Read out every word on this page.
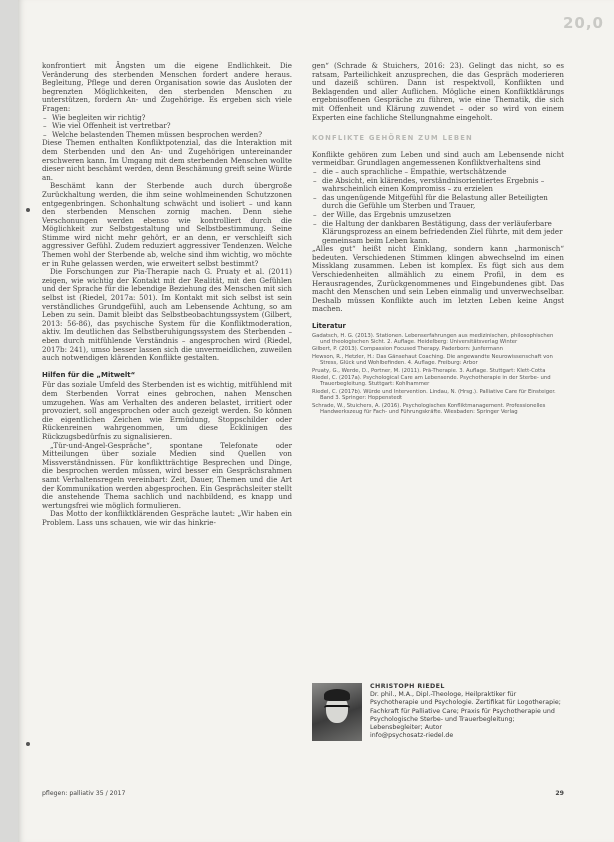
20,0

konfrontiert mit Ängsten um die eigene Endlichkeit. Die Veränderung des sterbenden Menschen fordert andere heraus. Begleitung, Pflege und deren Organisation sowie das Ausloten der begrenzten Möglichkeiten, den sterbenden Menschen zu unterstützen, fordern An- und Zugehörige. Es ergeben sich viele Fragen:

– Wie begleiten wir richtig?
– Wie viel Offenheit ist vertretbar?
– Welche belastenden Themen müssen besprochen werden?

Diese Themen enthalten Konfliktpotenzial, das die Interaktion mit dem Sterbenden und den An- und Zugehörigen untereinander erschweren kann. Im Umgang mit dem sterbenden Menschen wollte dieser nicht beschämt werden, denn Beschämung greift seine Würde an.

Beschämt kann der Sterbende auch durch übergroße Zurückhaltung werden, die ihm seine wohlmeinenden Schutzzonen entgegenbringen. Schonhaltung schwächt und isoliert – und kann den sterbenden Menschen zornig machen. Denn siehe Verschonungen werden ebenso wie kontrolliert durch die Möglichkeit zur Selbstgestaltung und Selbstbestimmung. Seine Stimme wird nicht mehr gehört, er an denn, er verschleift sich aggressiver Gefühl. Zudem reduziert aggressiver Tendenzen. Welche Themen wohl der Sterbende ab, welche sind ihm wichtig, wo möchte er in Ruhe gelassen werden, wie erweitert selbst bestimmt?

Die Forschungen zur Pia-Therapie nach G. Pruaty et al. (2011) zeigen, wie wichtig der Kontakt mit der Realität, mit den Gefühlen und der Sprache für die lebendige Beziehung des Menschen mit sich selbst ist (Riedel, 2017a: 501). Im Kontakt mit sich selbst ist sein verständliches Grundgefühl, auch am Lebensende Achtung, so am Leben zu sein. Damit bleibt das Selbstbeobachtungssystem (Gilbert, 2013: 56-86), das psychische System für die Konfliktmoderation, aktiv. Im deutlichen das Selbstberuhigungssystem des Sterbenden – eben durch mitfühlende Verständnis – angesprochen wird (Riedel, 2017b: 241), umso besser lassen sich die unvermeidlichen, zuweilen auch notwendigen klärenden Konflikte gestalten.

Hilfen für die „Mitwelt“

Für das soziale Umfeld des Sterbenden ist es wichtig, mitfühlend mit dem Sterbenden Vorrat eines gebrochen, nahen Menschen umzugehen. Was am Verhalten des anderen belastet, irritiert oder provoziert, soll angesprochen oder auch gezeigt werden. So können die eigentlichen Zeichen wie Ermüdung, Stoppschilder oder Rückenreinen wahrgenommen, um diese Ecklinigen des Rückzugsbedürfnis zu signalisieren.

„Tür-und-Angel-Gespräche“, spontane Telefonate oder Mitteilungen über soziale Medien sind Quellen von Missverständnissen. Für konfliktträchtige Besprechen und Dinge, die besprochen werden müssen, wird besser ein Gesprächsrahmen samt Verhaltensregeln vereinbart: Zeit, Dauer, Themen und die Art der Kommunikation werden abgesprochen. Ein Gesprächsleiter stellt die anstehende Thema sachlich und nachbildend, es knapp und wertungsfrei wie möglich formulieren.

Das Motto der konfliktklärenden Gespräche lautet: „Wir haben ein Problem. Lass uns schauen, wie wir das hinkrie-

gen“ (Schrade & Stuichers, 2016: 23). Gelingt das nicht, so es ratsam, Parteilichkeit anzusprechen, die das Gespräch moderieren und dazeiß schüren. Dann ist respektvoll, Konflikten und Beklagenden und aller Auflichen. Mögliche einen Konfliktklärungs ergebnisoffenen Gespräche zu führen, wie eine Thematik, die sich mit Offenheit und Klärung zuwendet – oder so wird von einem Experten eine fachliche Stellungnahme eingeholt.

KONFLIKTE GEHÖREN ZUM LEBEN

Konflikte gehören zum Leben und sind auch am Lebensende nicht vermeidbar. Grundlagen angemessenen Konfliktverhaltens sind

– die – auch sprachliche – Empathie, wertschätzende
– die Absicht, ein klärendes, verständnisorientiertes Ergebnis – wahrscheinlich einen Kompromiss – zu erzielen
– das ungenügende Mitgefühl für die Belastung aller Beteiligten durch die Gefühle um Sterben und Trauer,
– der Wille, das Ergebnis umzusetzen
– die Haltung der dankbaren Bestätigung, dass der verläuferbare Klärungsprozess an einem befriedenden Ziel führte, mit dem jeder gemeinsam beim Leben kann.

„Alles gut“ heißt nicht Einklang, sondern kann „harmonisch“ bedeuten. Verschiedenen Stimmen klingen abwechselnd im einen Missklang zusammen. Leben ist komplex. Es fügt sich aus dem Verschiedenheiten allmählich zu einem Profil, in dem es Herausragendes, Zurückgenommenes und Eingebundenes gibt. Das macht den Menschen und sein Leben einmalig und unverwechselbar. Deshalb müssen Konflikte auch im letzten Leben keine Angst machen.

Literatur
Gadatsch, H. G. (2013). Stationen. Lebenserfahrungen aus medizinischen, philosophischen und theologischen Sicht. 2. Auflage. Heidelberg: Universitätsverlag Winter
Gilbert, P. (2013). Compassion Focused Therapy. Paderborn: Junfermann
Hewson, R., Hetzler, H.: Das Gänsehaut Coaching. Die angewandte Neurowissenschaft von Stress, Glück und Wohlbefinden. 4. Auflage. Freiburg: Arbor
Pruaty, G., Werde, D., Portner, M. (2011). Prä-Therapie. 3. Auflage. Stuttgart: Klett-Cotta
Riedel, C. (2017a). Psychological Care am Lebensende. Psychotherapie in der Sterbe- und Trauerbegleitung. Stuttgart: Kohlhammer
Riedel, C. (2017b). Würde und Intervention. Lindau, N. (Hrsg.). Palliative Care für Einsteiger. Band 3. Springer: Hoppenstedt
Schrade, W., Stuichers, A. (2016). Psychologisches Konfliktmanagement. Professionelles Handwerkszeug für Fach- und Führungskräfte. Wiesbaden: Springer Verlag
CHRISTOPH RIEDEL
Dr. phil., M.A., Dipl.-Theologe, Heilpraktiker für Psychotherapie und Psychologie. Zertifikat für Logotherapie; Fachkraft für Palliative Care; Praxis für Psychotherapie und Psychologische Sterbe- und Trauerbegleitung; Lebensbegleiter; Autor
info@psychosatz-riedel.de
pflegen: palliativ 35 / 2017	29
